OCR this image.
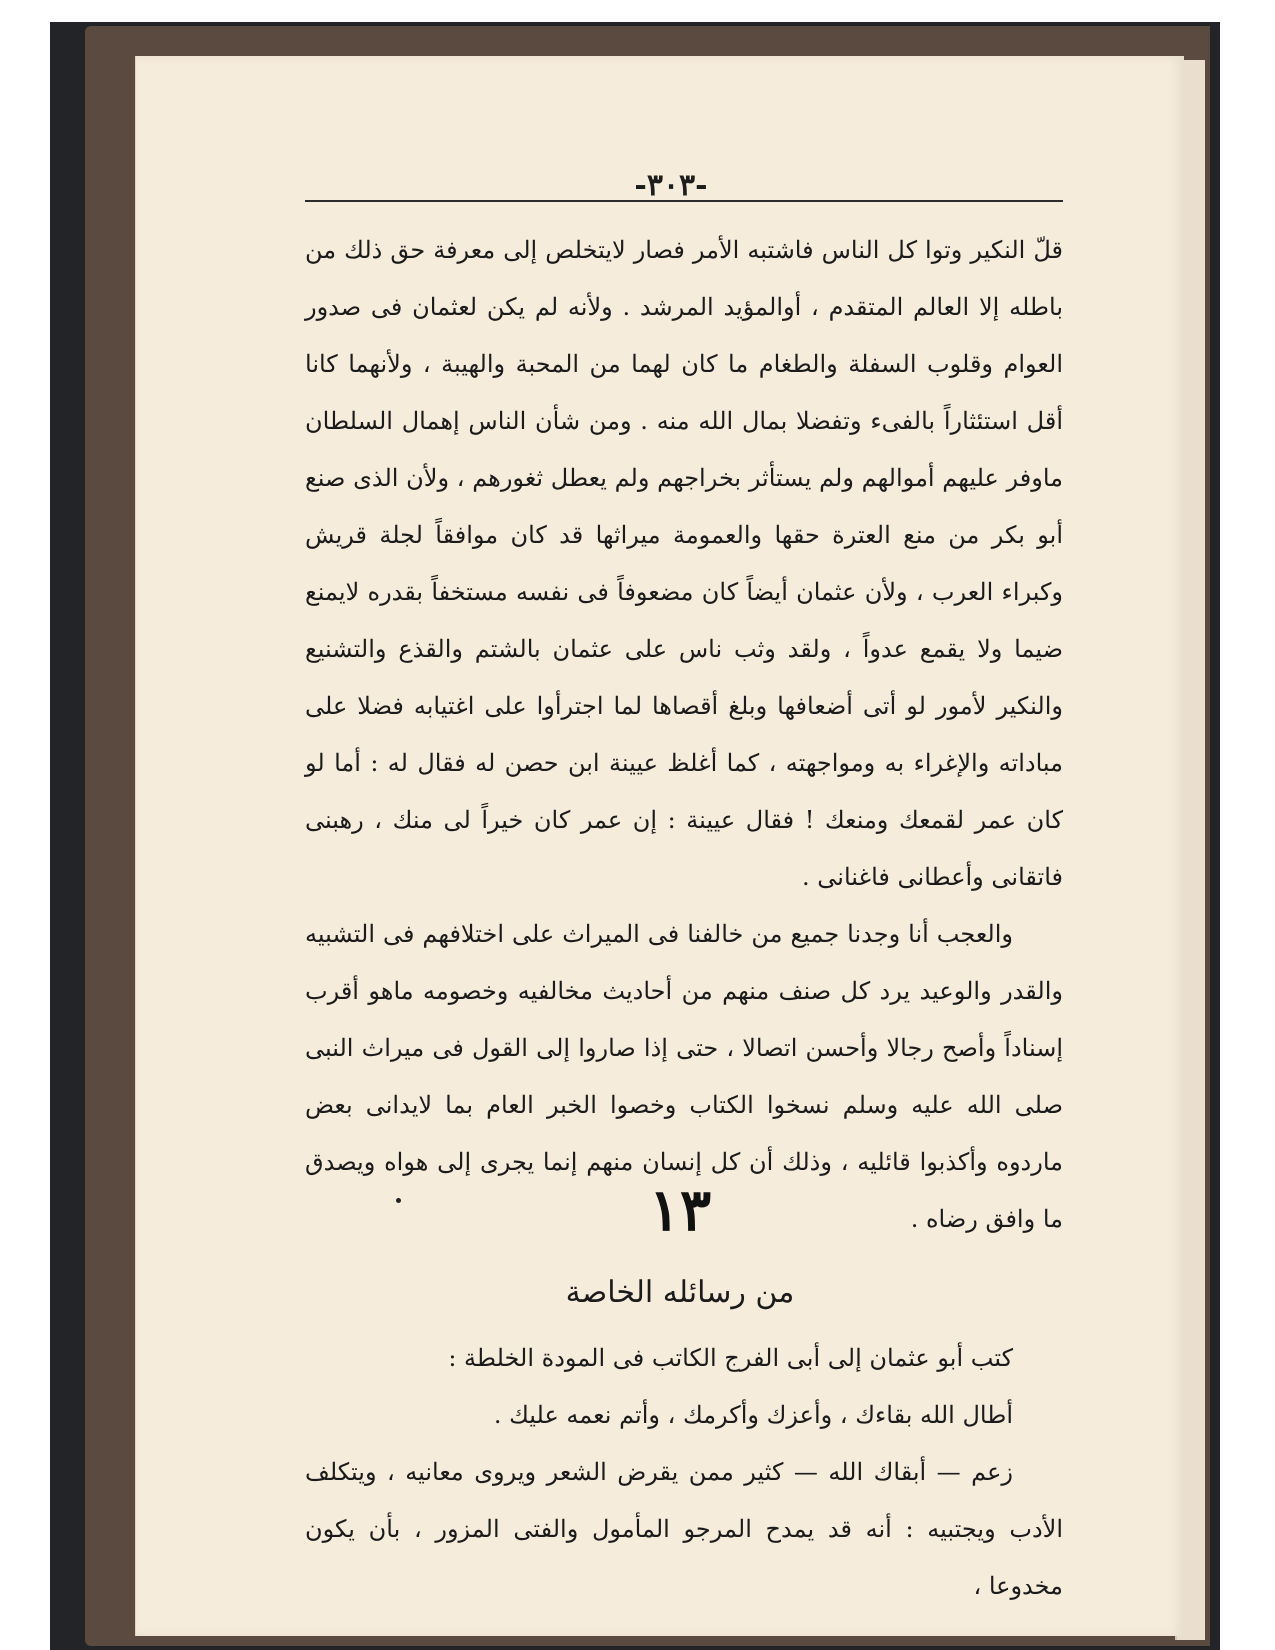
-٣٠٣-

قلّ النكير وتوا كل الناس فاشتبه الأمر فصار لايتخلص إلى معرفة حق ذلك من باطله إلا العالم المتقدم ، أوالمؤيد المرشد . ولأنه لم يكن لعثمان فى صدور العوام وقلوب السفلة والطغام ما كان لهما من المحبة والهيبة ، ولأنهما كانا أقل استئثاراً بالفىء وتفضلا بمال الله منه . ومن شأن الناس إهمال السلطان ماوفر عليهم أموالهم ولم يستأثر بخراجهم ولم يعطل ثغورهم ، ولأن الذى صنع أبو بكر من منع العترة حقها والعمومة ميراثها قد كان موافقاً لجلة قريش وكبراء العرب ، ولأن عثمان أيضاً كان مضعوفاً فى نفسه مستخفاً بقدره لايمنع ضيما ولا يقمع عدواً ، ولقد وثب ناس على عثمان بالشتم والقذع والتشنيع والنكير لأمور لو أتى أضعافها وبلغ أقصاها لما اجترأوا على اغتيابه فضلا على مباداته والإغراء به ومواجهته ، كما أغلظ عيينة ابن حصن له فقال له : أما لو كان عمر لقمعك ومنعك ! فقال عيينة : إن عمر كان خيراً لى منك ، رهبنى فاتقانى وأعطانى فاغنانى .

والعجب أنا وجدنا جميع من خالفنا فى الميراث على اختلافهم فى التشبيه والقدر والوعيد يرد كل صنف منهم من أحاديث مخالفيه وخصومه ماهو أقرب إسناداً وأصح رجالا وأحسن اتصالا ، حتى إذا صاروا إلى القول فى ميراث النبى صلى الله عليه وسلم نسخوا الكتاب وخصوا الخبر العام بما لايدانى بعض ماردوه وأكذبوا قائليه ، وذلك أن كل إنسان منهم إنما يجرى إلى هواه ويصدق ما وافق رضاه .

١٣
من رسائله الخاصة

كتب أبو عثمان إلى أبى الفرج الكاتب فى المودة الخلطة :

أطال الله بقاءك ، وأعزك وأكرمك ، وأتم نعمه عليك .

زعم — أبقاك الله — كثير ممن يقرض الشعر ويروى معانيه ، ويتكلف الأدب ويجتبيه : أنه قد يمدح المرجو المأمول والفتى المزور ، بأن يكون مخدوعا ،
